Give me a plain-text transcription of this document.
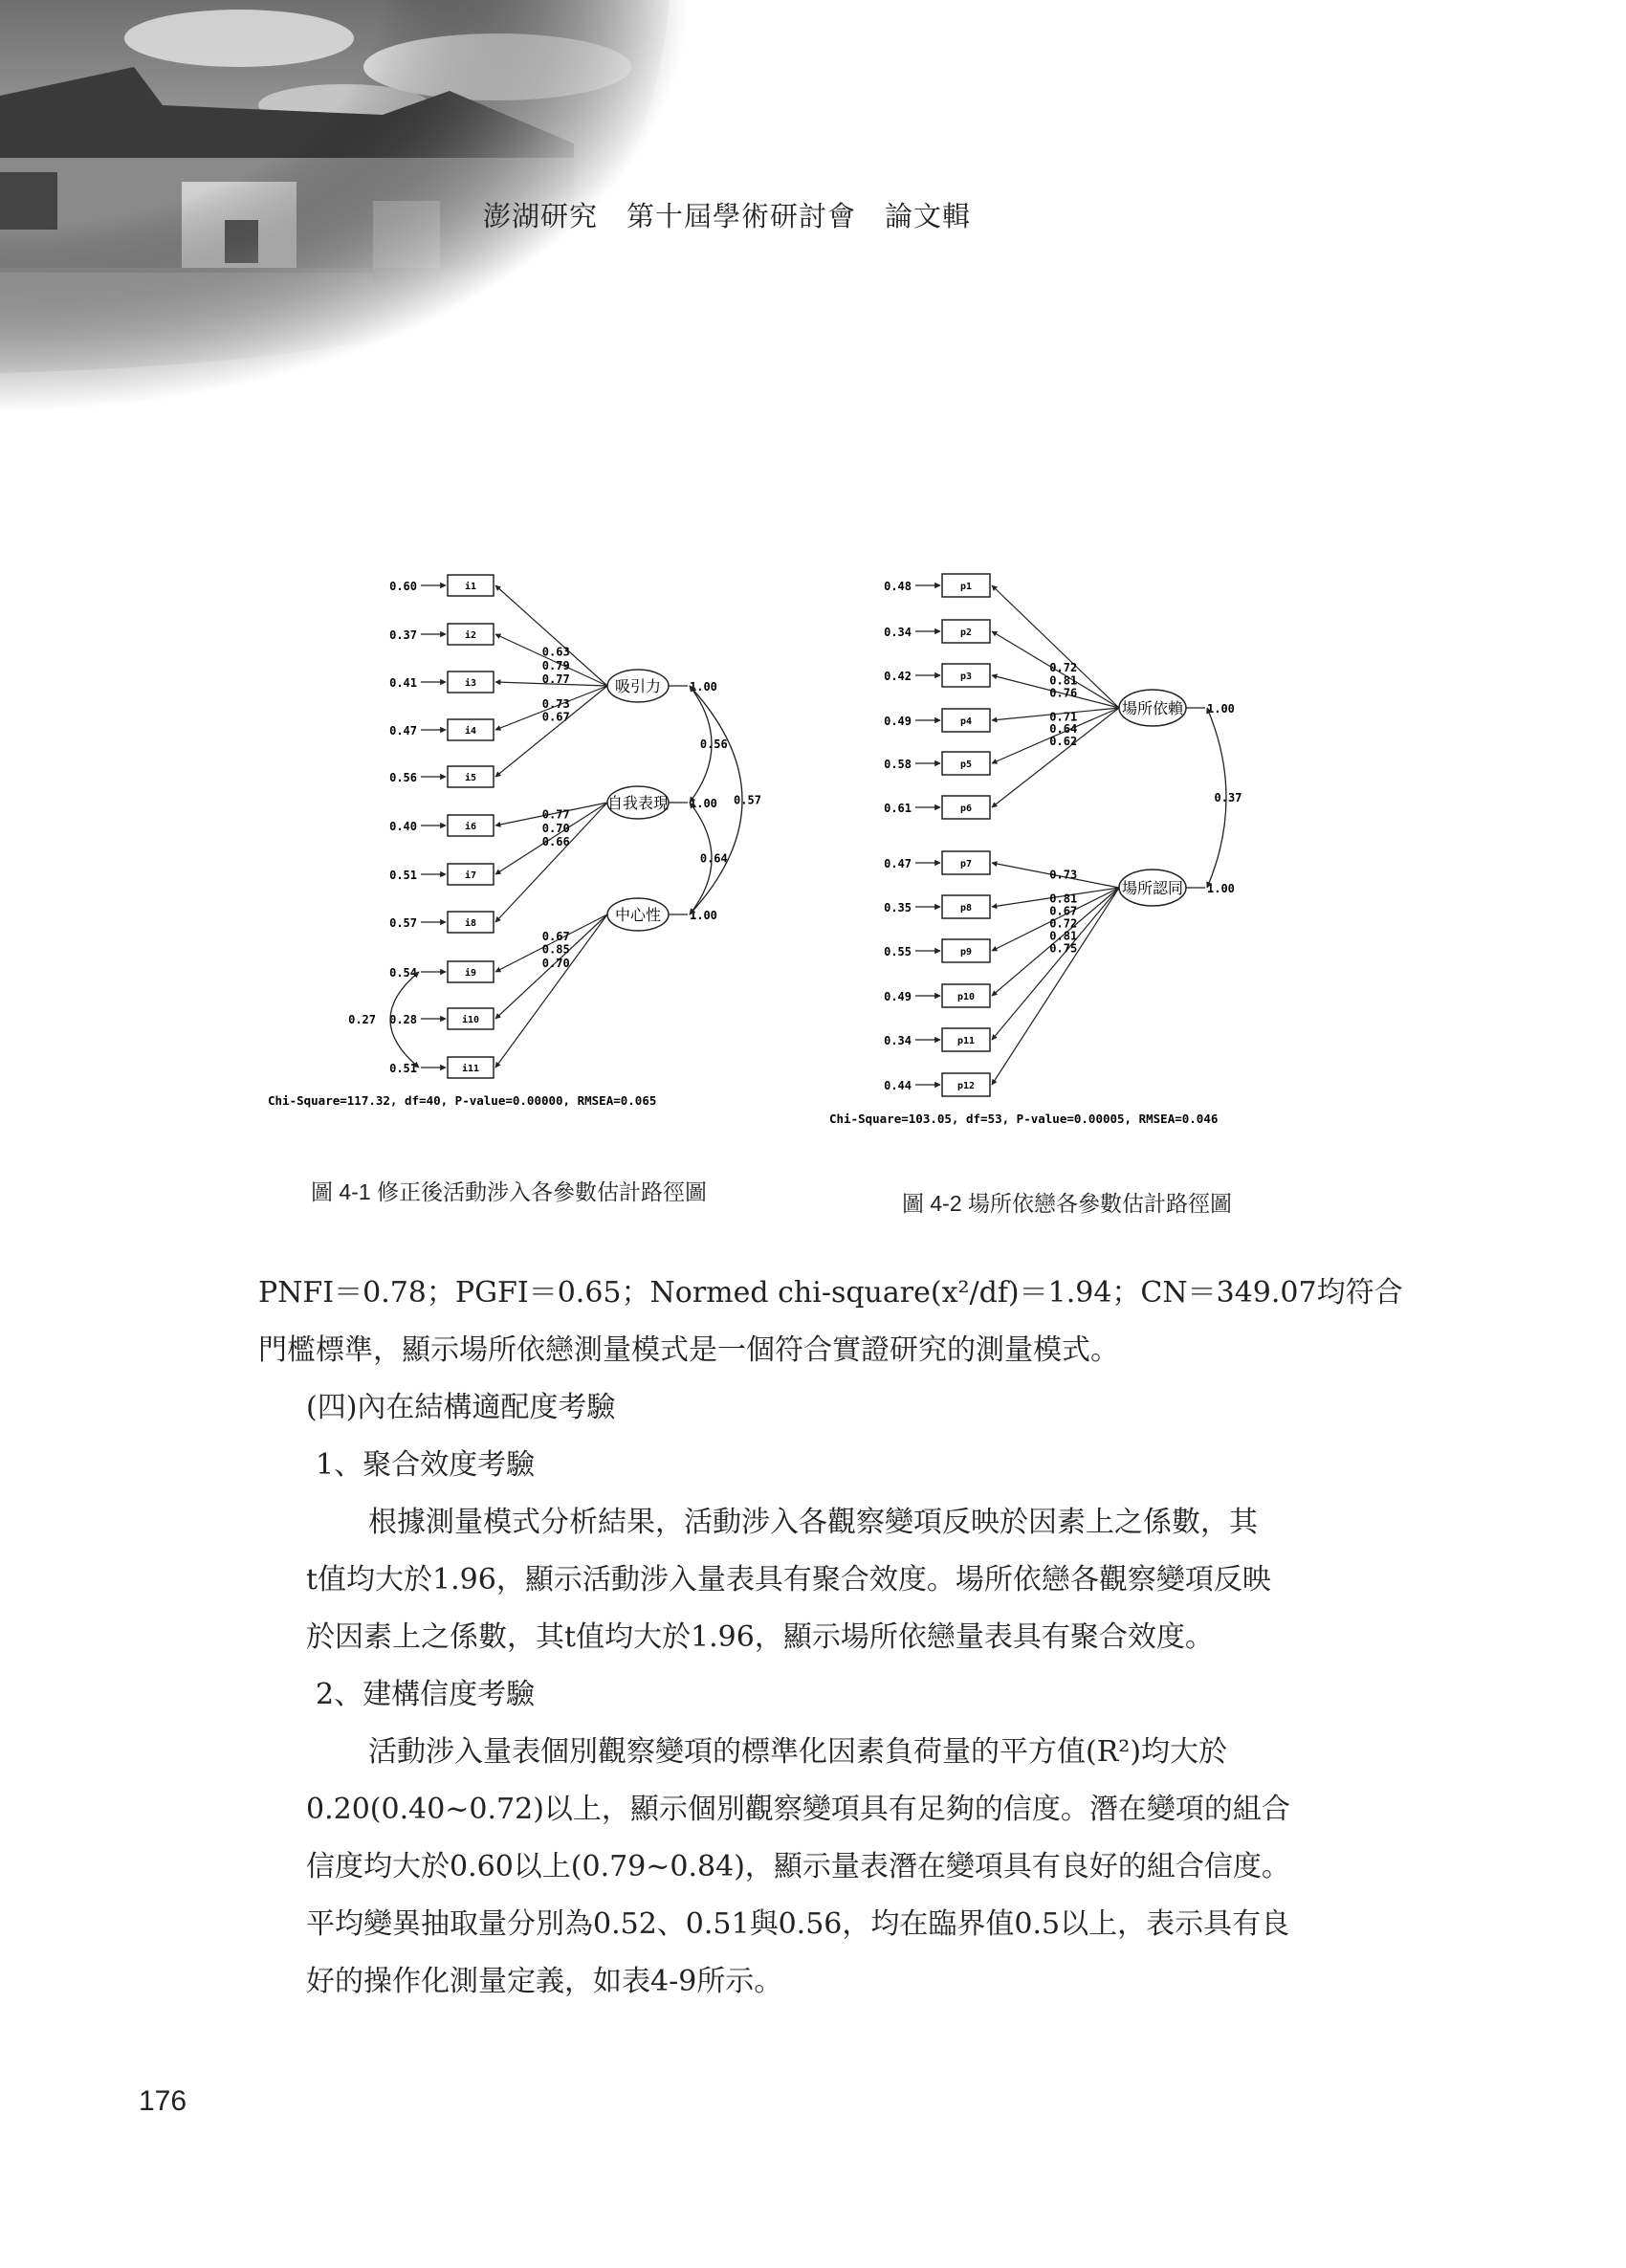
澎湖研究　第十屆學術研討會　論文輯
i1
0.60
i2
0.37
i3
0.41
i4
0.47
i5
0.56
i6
0.40
i7
0.51
i8
0.57
i9
0.54
i10
0.28
i11
0.51
吸引力 1.00
0.63
0.79
0.77
0.73
0.67
自我表現 1.00
0.77
0.70
0.66
中心性 1.00
0.67
0.85
0.70
0.56
0.57
0.64
0.27
Chi-Square=117.32, df=40, P-value=0.00000, RMSEA=0.065
圖 4-1 修正後活動涉入各參數估計路徑圖
p1
0.48
p2
0.34
p3
0.42
p4
0.49
p5
0.58
p6
0.61
p7
0.47
p8
0.35
p9
0.55
p10
0.49
p11
0.34
p12
0.44
場所依賴 1.00
0.72
0.81
0.76
0.71
0.64
0.62
場所認同 1.00
0.73
0.81
0.67
0.72
0.81
0.75
0.37
Chi-Square=103.05, df=53, P-value=0.00005, RMSEA=0.046
圖 4-2 場所依戀各參數估計路徑圖
PNFI＝0.78；PGFI＝0.65；Normed chi-square(x²/df)＝1.94；CN＝349.07均符合
門檻標準，顯示場所依戀測量模式是一個符合實證研究的測量模式。
(四)內在結構適配度考驗
1、聚合效度考驗
根據測量模式分析結果，活動涉入各觀察變項反映於因素上之係數，其
t值均大於1.96，顯示活動涉入量表具有聚合效度。場所依戀各觀察變項反映
於因素上之係數，其t值均大於1.96，顯示場所依戀量表具有聚合效度。
2、建構信度考驗
活動涉入量表個別觀察變項的標準化因素負荷量的平方值(R²)均大於
0.20(0.40~0.72)以上，顯示個別觀察變項具有足夠的信度。潛在變項的組合
信度均大於0.60以上(0.79~0.84)，顯示量表潛在變項具有良好的組合信度。
平均變異抽取量分別為0.52、0.51與0.56，均在臨界值0.5以上，表示具有良
好的操作化測量定義，如表4-9所示。
176
